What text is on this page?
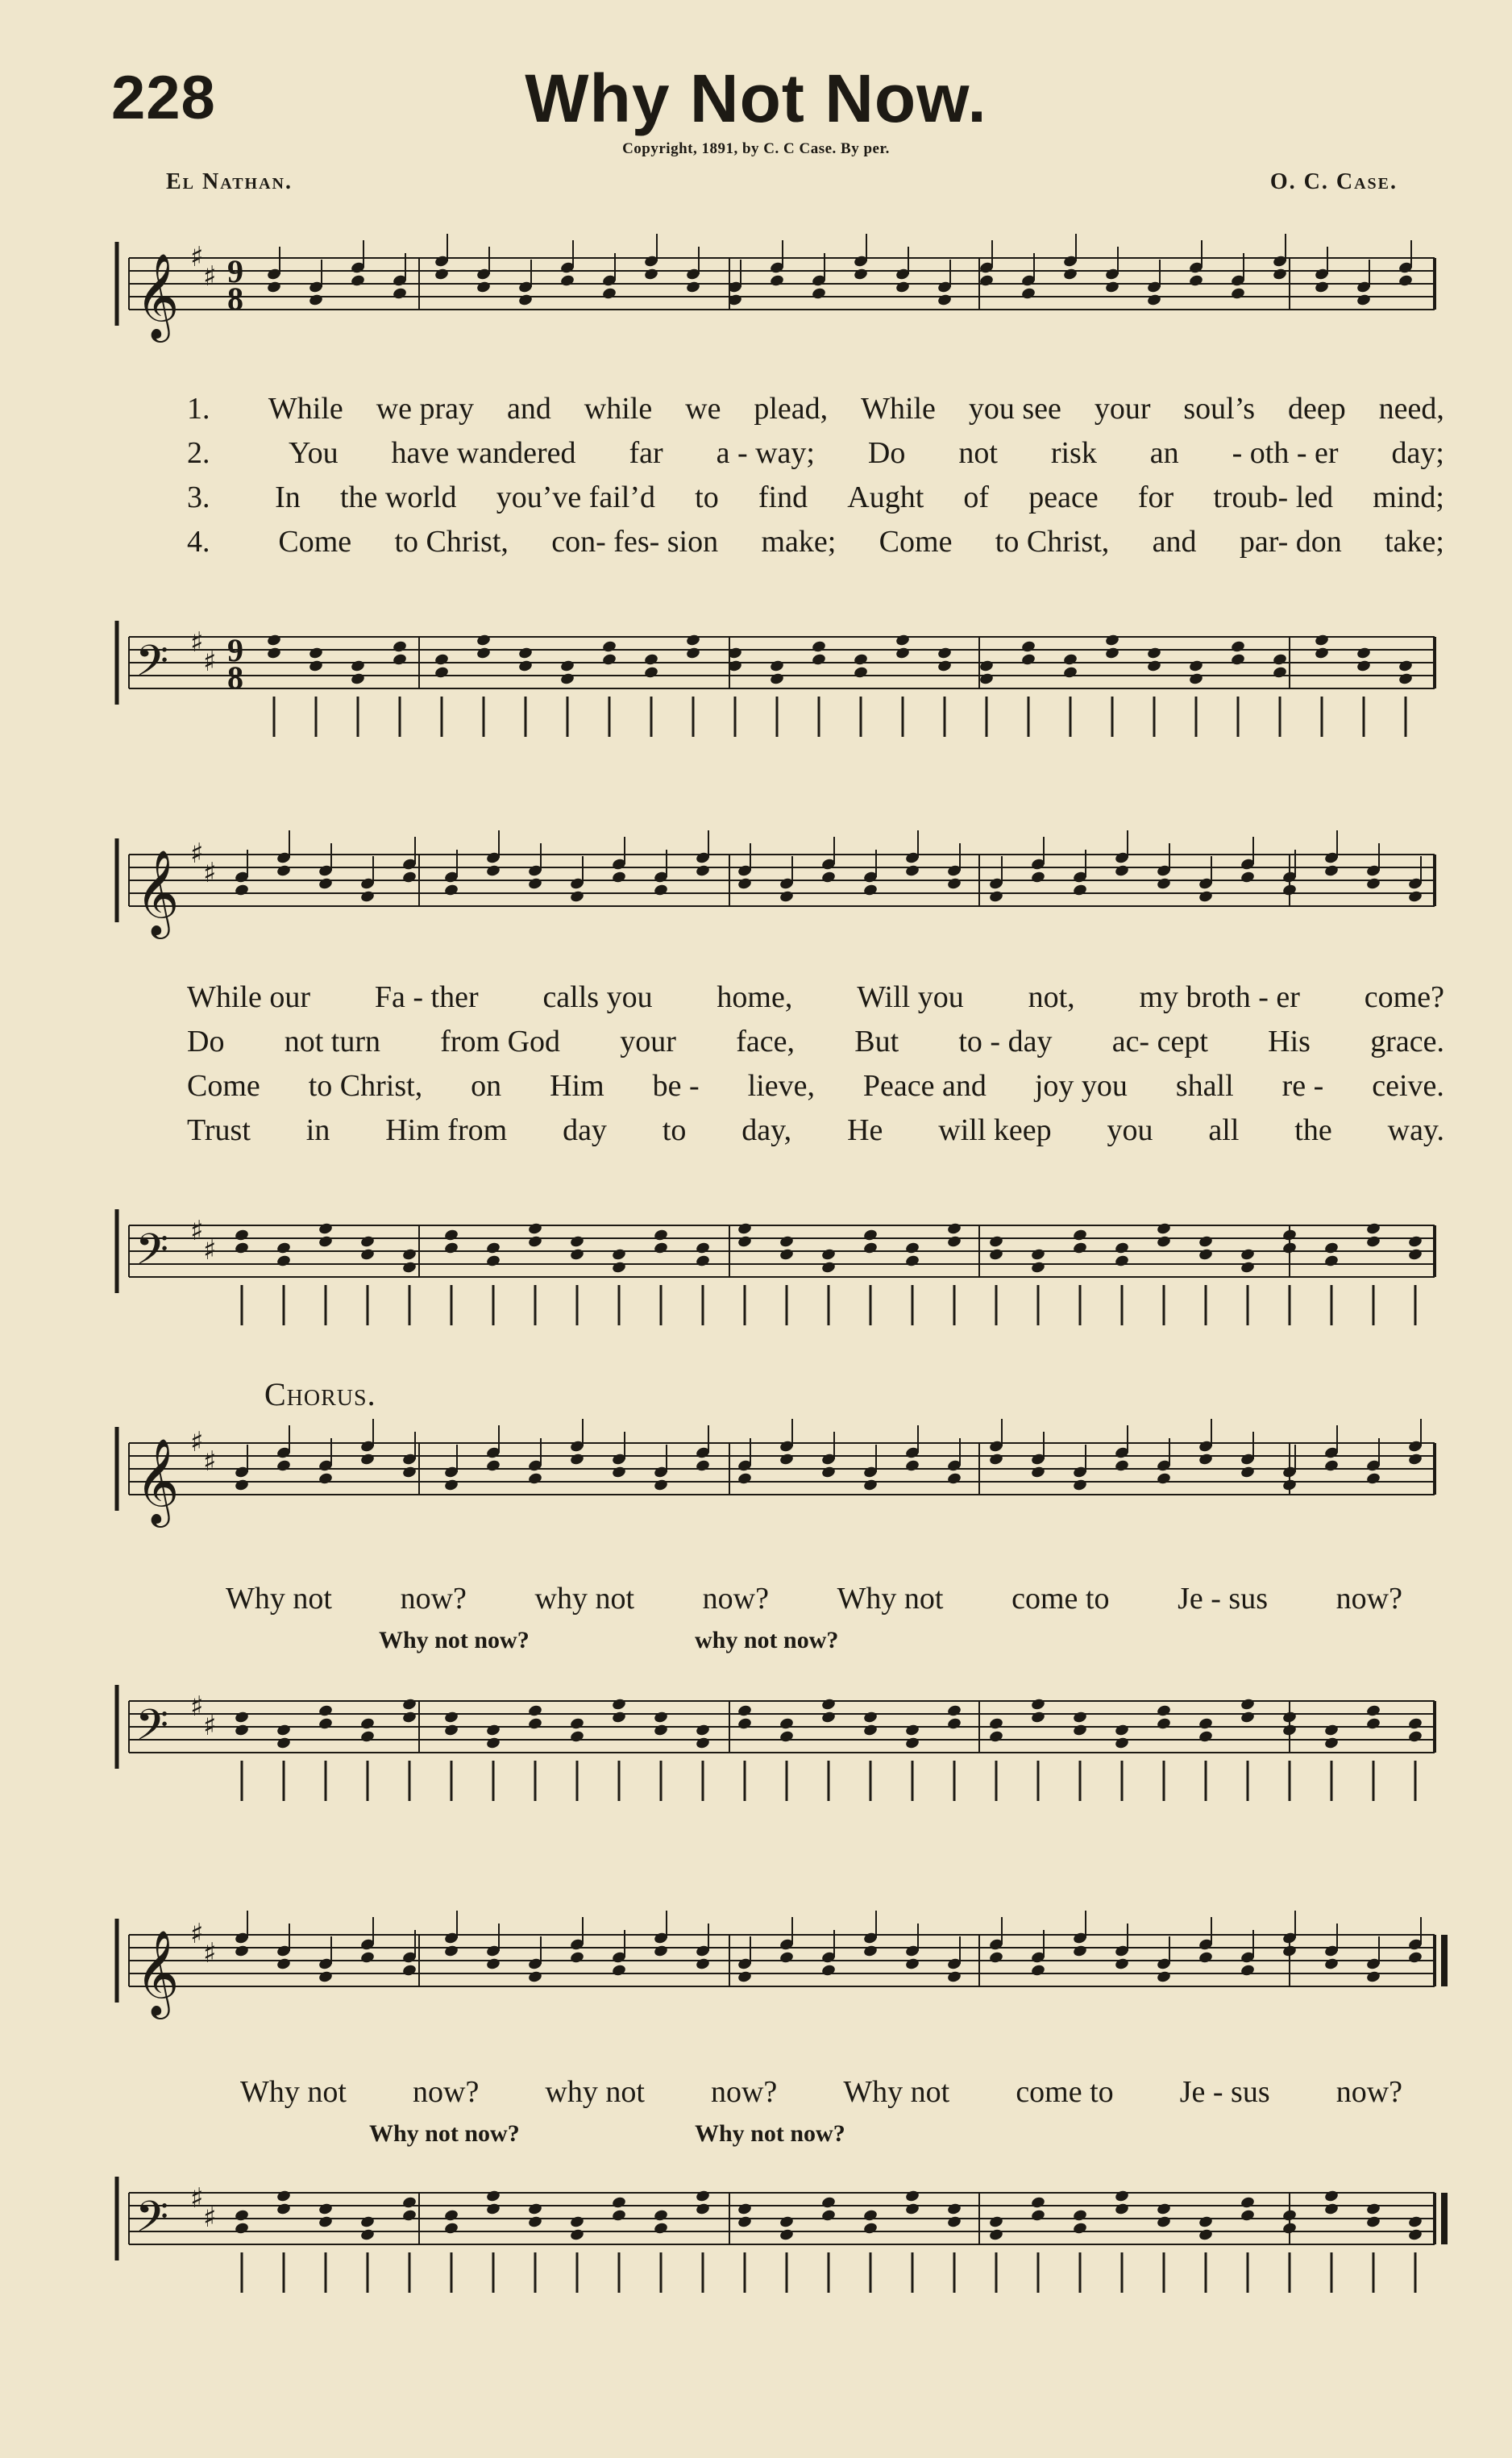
228	Why Not Now.
Copyright, 1891, by C. C Case. By per.
El Nathan.	O. C. Case.
𝄞 ♯
♯ 9
8
1.	While we pray and while we plead, While you see your soul’s deep need,
2.	You have wandered far a - way; Do not risk an - oth - er day;
3.	In the world you’ve fail’d to find Aught of peace for troub- led mind;
4.	Come to Christ, con- fes- sion make; Come to Christ, and par- don take;
𝄢 ♯
♯ 9
8
𝄞 ♯
♯
While our Fa - ther calls you home, Will you not, my broth - er come?
Do not turn from God your face, But to - day ac- cept His grace.
Come to Christ, on Him be - lieve, Peace and joy you shall re - ceive.
Trust in Him from day to day, He will keep you all the way.
𝄢 ♯
♯
Chorus.
𝄞 ♯
♯
Why not now? why not now? Why not come to Je - sus now?
Why not now?	why not now?
𝄢 ♯
♯
𝄞 ♯
♯
Why not now? why not now? Why not come to Je - sus now?
Why not now?	Why not now?
𝄢 ♯
♯
